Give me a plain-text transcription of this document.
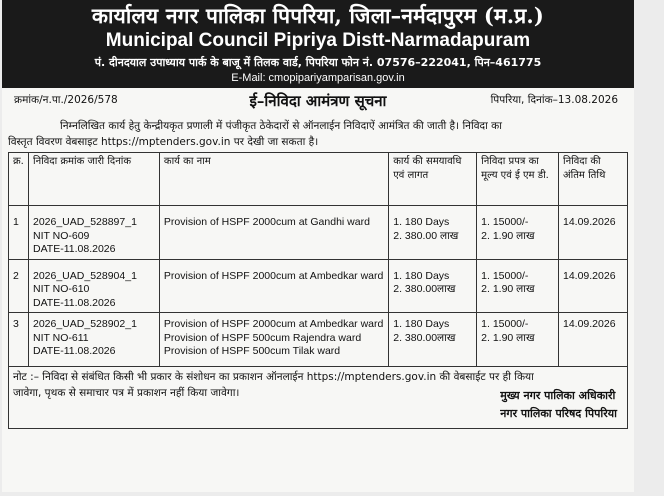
कार्यालय नगर पालिका पिपरिया, जिला–नर्मदापुरम (म.प्र.)
Municipal Council Pipriya Distt-Narmadapuram
पं. दीनदयाल उपाध्याय पार्क के बाजू में तिलक वार्ड, पिपरिया फोन नं. 07576–222041, पिन–461775
E-Mail: cmopipariyamparisan.gov.in
क्रमांक/न.पा./2026/578	ई–निविदा आमंत्रण सूचना	पिपरिया, दिनांक–13.08.2026
निम्नलिखित कार्य हेतु केन्द्रीयकृत प्रणाली में पंजीकृत ठेकेदारों से ऑनलाईन निविदाऐं आमंत्रित की जाती है। निविदा का
विस्तृत विवरण वेबसाइट https://mptenders.gov.in पर देखी जा सकता है।
क्र.	निविदा क्रमांक जारी दिनांक	कार्य का नाम	कार्य की समयावधि एवं लागत	निविदा प्रपत्र का मूल्य एवं ई एम डी.	निविदा की अंतिम तिथि
1	2026_UAD_528897_1
NIT NO-609
DATE-11.08.2026	Provision of HSPF 2000cum at Gandhi ward	1. 180 Days
2. 380.00 लाख	1. 15000/-
2. 1.90 लाख	14.09.2026
2	2026_UAD_528904_1
NIT NO-610
DATE-11.08.2026	Provision of HSPF 2000cum at Ambedkar ward	1. 180 Days
2. 380.00लाख	1. 15000/-
2. 1.90 लाख	14.09.2026
3	2026_UAD_528902_1
NIT NO-611
DATE-11.08.2026	Provision of HSPF 2000cum at Ambedkar ward
Provision of HSPF 500cum Rajendra ward
Provision of HSPF 500cum Tilak ward	1. 180 Days
2. 380.00लाख	1. 15000/-
2. 1.90 लाख	14.09.2026
नोट :– निविदा से संबंधित किसी भी प्रकार के संशोधन का प्रकाशन ऑनलाईन https://mptenders.gov.in की वेबसाईट पर ही किया
जावेगा, पृथक से समाचार पत्र में प्रकाशन नहीं किया जावेगा।	मुख्य नगर पालिका अधिकारी
नगर पालिका परिषद पिपरिया
